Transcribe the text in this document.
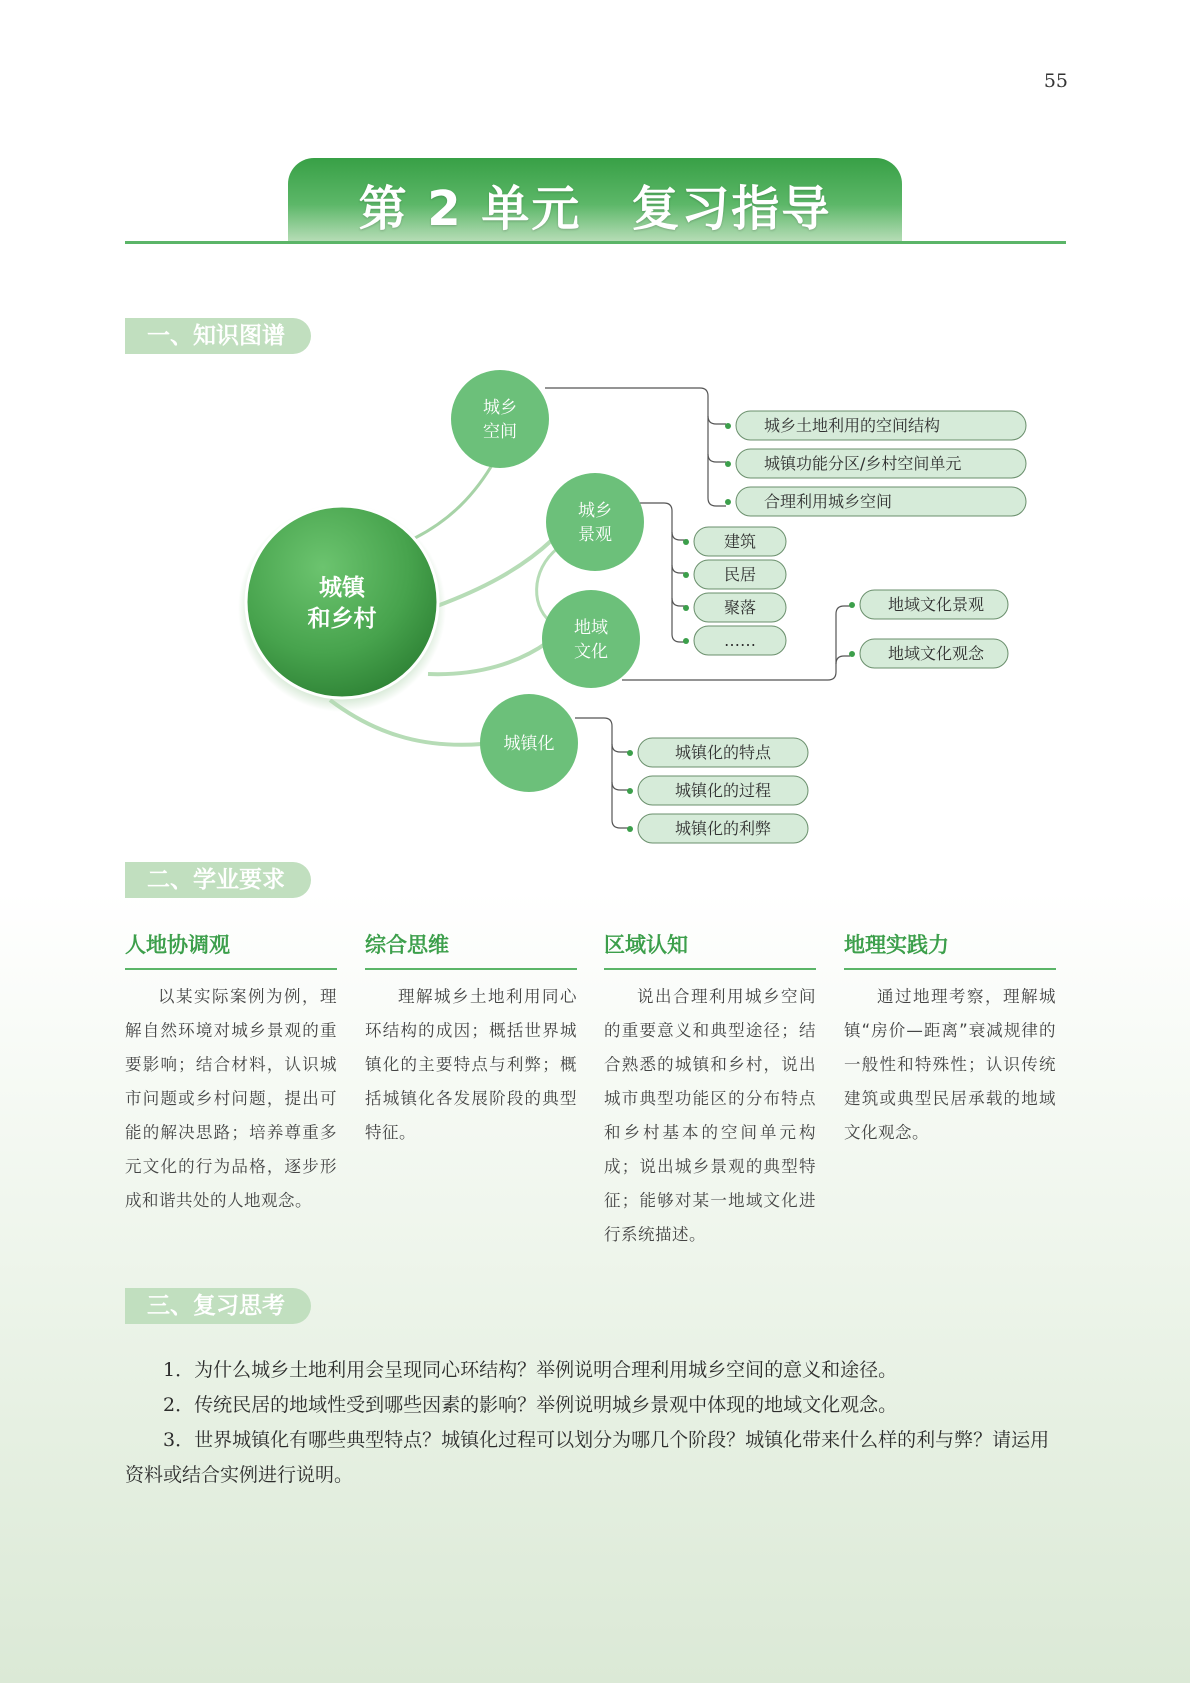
55
第 2 单元　复习指导
一、知识图谱
城镇
和乡村
城乡
空间
城乡
景观
地域
文化
城镇化
城乡土地利用的空间结构
城镇功能分区/乡村空间单元
合理利用城乡空间
建筑
民居
聚落
……
地域文化景观
地域文化观念
城镇化的特点
城镇化的过程
城镇化的利弊
二、学业要求
人地协调观
以某实际案例为例，理解自然环境对城乡景观的重要影响；结合材料，认识城市问题或乡村问题，提出可能的解决思路；培养尊重多元文化的行为品格，逐步形成和谐共处的人地观念。
综合思维
理解城乡土地利用同心环结构的成因；概括世界城镇化的主要特点与利弊；概括城镇化各发展阶段的典型特征。
区域认知
说出合理利用城乡空间的重要意义和典型途径；结合熟悉的城镇和乡村，说出城市典型功能区的分布特点和乡村基本的空间单元构成；说出城乡景观的典型特征；能够对某一地域文化进行系统描述。
地理实践力
通过地理考察，理解城镇“房价—距离”衰减规律的一般性和特殊性；认识传统建筑或典型民居承载的地域文化观念。
三、复习思考
1．为什么城乡土地利用会呈现同心环结构？举例说明合理利用城乡空间的意义和途径。
2．传统民居的地域性受到哪些因素的影响？举例说明城乡景观中体现的地域文化观念。
3．世界城镇化有哪些典型特点？城镇化过程可以划分为哪几个阶段？城镇化带来什么样的利与弊？请运用资料或结合实例进行说明。
